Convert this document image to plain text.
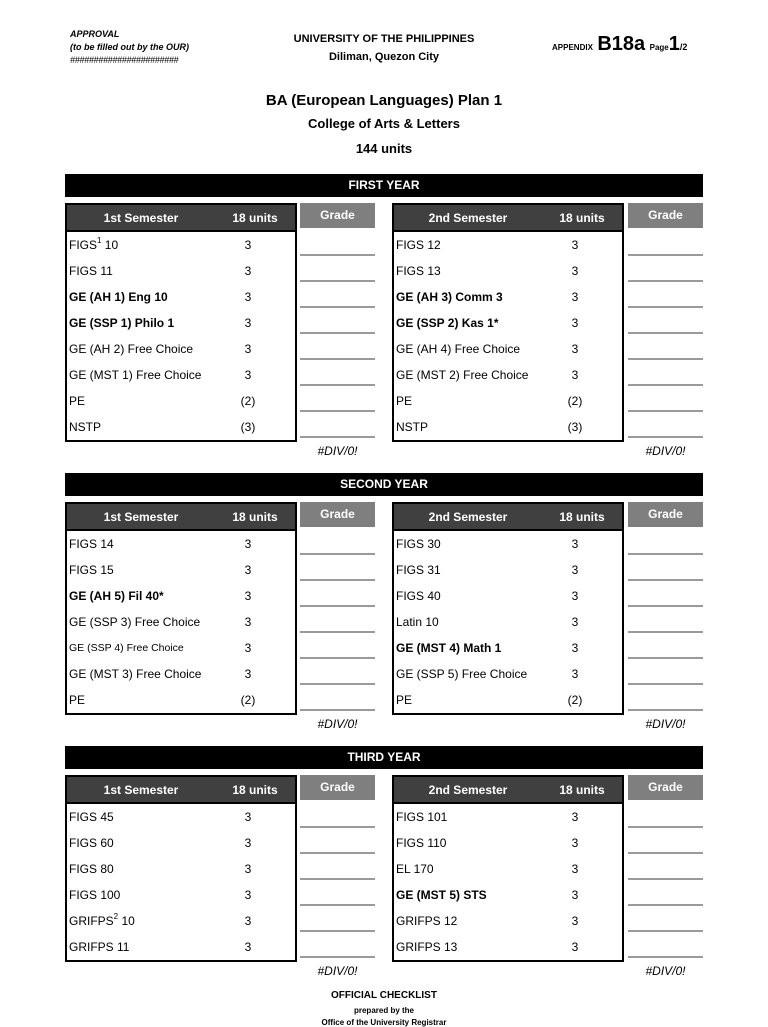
APPROVAL
(to be filled out by the OUR)
#######################
UNIVERSITY OF THE PHILIPPINES
Diliman, Quezon City
APPENDIX B18a Page1/2
BA (European Languages) Plan 1
College of Arts & Letters
144 units
FIRST YEAR
1st Semester	18 units
FIGS$^1$ 10	3
FIGS 11	3
GE (AH 1) Eng 10	3
GE (SSP 1) Philo 1	3
GE (AH 2) Free Choice	3
GE (MST 1) Free Choice	3
PE	(2)
NSTP	(3)
Grade
#DIV/0!
2nd Semester	18 units
FIGS 12	3
FIGS 13	3
GE (AH 3) Comm 3	3
GE (SSP 2) Kas 1*	3
GE (AH 4) Free Choice	3
GE (MST 2) Free Choice	3
PE	(2)
NSTP	(3)
Grade
#DIV/0!
SECOND YEAR
1st Semester	18 units
FIGS 14	3
FIGS 15	3
GE (AH 5) Fil 40*	3
GE (SSP 3) Free Choice	3
GE (SSP 4) Free Choice	3
GE (MST 3) Free Choice	3
PE	(2)
Grade
#DIV/0!
2nd Semester	18 units
FIGS 30	3
FIGS 31	3
FIGS 40	3
Latin 10	3
GE (MST 4) Math 1	3
GE (SSP 5) Free Choice	3
PE	(2)
Grade
#DIV/0!
THIRD YEAR
1st Semester	18 units
FIGS 45	3
FIGS 60	3
FIGS 80	3
FIGS 100	3
GRIFPS$^2$ 10	3
GRIFPS 11	3
Grade
#DIV/0!
2nd Semester	18 units
FIGS 101	3
FIGS 110	3
EL 170	3
GE (MST 5) STS	3
GRIFPS 12	3
GRIFPS 13	3
Grade
#DIV/0!
OFFICIAL CHECKLIST
prepared by the
Office of the University Registrar
